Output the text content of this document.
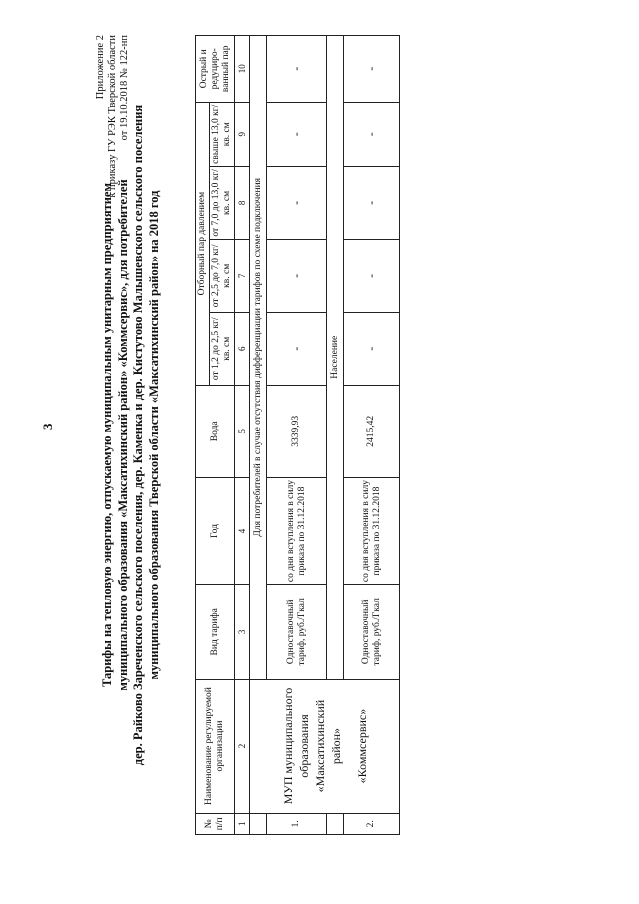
3
Приложение 2 к приказу ГУ РЭК Тверской области от 19.10.2018 № 122-нп
Тарифы на тепловую энергию, отпускаемую муниципальным унитарным предприятием муниципального образования «Максатихинский район» «Коммсервис», для потребителей дер. Райково Зареченского сельского поселения, дер. Каменка и дер. Кистутово Малышевского сельского поселения муниципального образования Тверской области «Максатихинский район» на 2018 год
№ п/п	Наименование регулируемой организации	Вид тарифа	Год	Вода	Отборный пар давлением				Острый и редуциро-ванный пар
					от 1,2 до 2,5 кг/кв. см	от 2,5 до 7,0 кг/кв. см	от 7,0 до 13,0 кг/кв. см	свыше 13,0 кг/кв. см	
1	2	3	4	5	6	7	8	9	10

	МУП муниципального образования «Максатихинский район» «Коммсервис»	Для потребителей в случае отсутствия дифференциации тарифов по схеме подключения							
1.		Одноставочный тариф, руб./Гкал	со дня вступления в силу приказа по 31.12.2018	3339,93	-	-	-	-	-
		Население							
2.		Одноставочный тариф, руб./Гкал	со дня вступления в силу приказа по 31.12.2018	2415,42	-	-	-	-	-
